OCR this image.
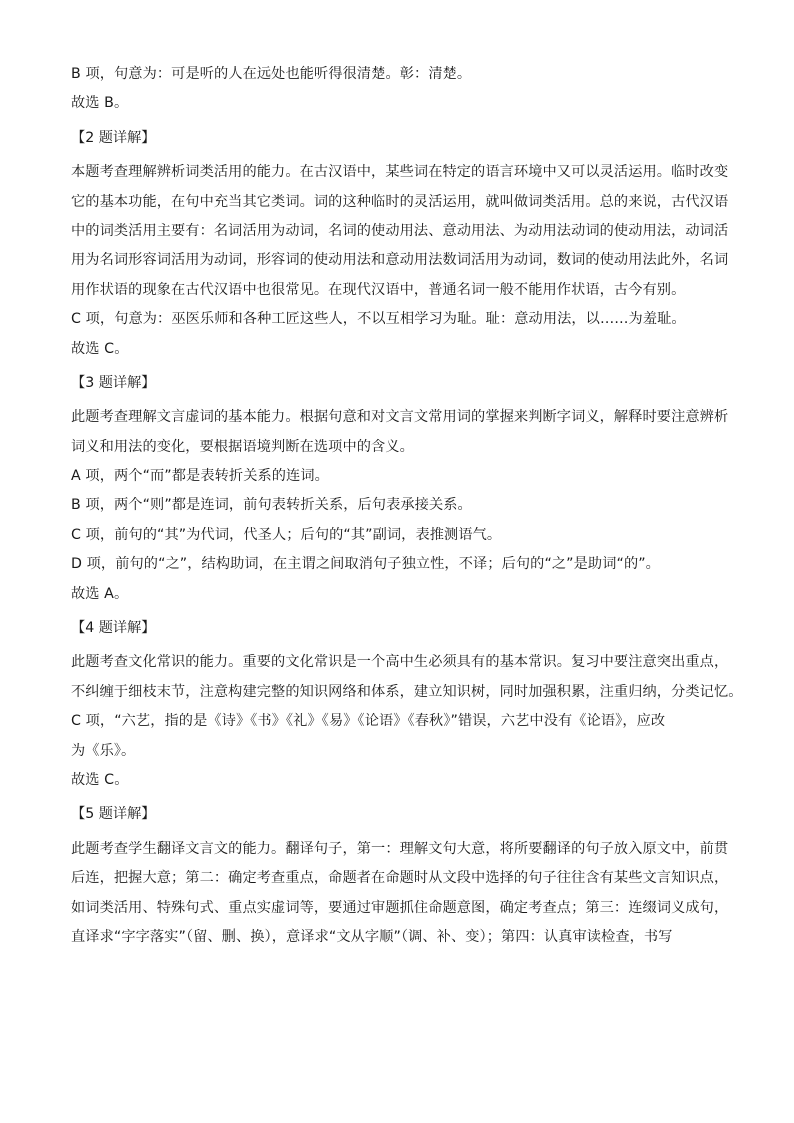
B 项，句意为：可是听的人在远处也能听得很清楚。彰：清楚。
故选 B。
【2 题详解】
本题考查理解辨析词类活用的能力。在古汉语中，某些词在特定的语言环境中又可以灵活运用。临时改变
它的基本功能，在句中充当其它类词。词的这种临时的灵活运用，就叫做词类活用。总的来说，古代汉语
中的词类活用主要有：名词活用为动词，名词的使动用法、意动用法、为动用法动词的使动用法，动词活
用为名词形容词活用为动词，形容词的使动用法和意动用法数词活用为动词，数词的使动用法此外，名词
用作状语的现象在古代汉语中也很常见。在现代汉语中，普通名词一般不能用作状语，古今有别。
C 项，句意为：巫医乐师和各种工匠这些人，不以互相学习为耻。耻：意动用法，以……为羞耻。
故选 C。
【3 题详解】
此题考查理解文言虚词的基本能力。根据句意和对文言文常用词的掌握来判断字词义，解释时要注意辨析
词义和用法的变化，要根据语境判断在选项中的含义。
A 项，两个“而”都是表转折关系的连词。
B 项，两个“则”都是连词，前句表转折关系，后句表承接关系。
C 项，前句的“其”为代词，代圣人；后句的“其”副词，表推测语气。
D 项，前句的“之”，结构助词，在主谓之间取消句子独立性，不译；后句的“之”是助词“的”。
故选 A。
【4 题详解】
此题考查文化常识的能力。重要的文化常识是一个高中生必须具有的基本常识。复习中要注意突出重点，
不纠缠于细枝末节，注意构建完整的知识网络和体系，建立知识树，同时加强积累，注重归纳，分类记忆。
C 项，“六艺，指的是《诗》《书》《礼》《易》《论语》《春秋》”错误，六艺中没有《论语》，应改
为《乐》。
故选 C。
【5 题详解】
此题考查学生翻译文言文的能力。翻译句子，第一：理解文句大意，将所要翻译的句子放入原文中，前贯
后连，把握大意；第二：确定考查重点，命题者在命题时从文段中选择的句子往往含有某些文言知识点，
如词类活用、特殊句式、重点实虚词等，要通过审题抓住命题意图，确定考查点；第三：连缀词义成句，
直译求“字字落实”（留、删、换），意译求“文从字顺”（调、补、变）；第四：认真审读检查，书写
